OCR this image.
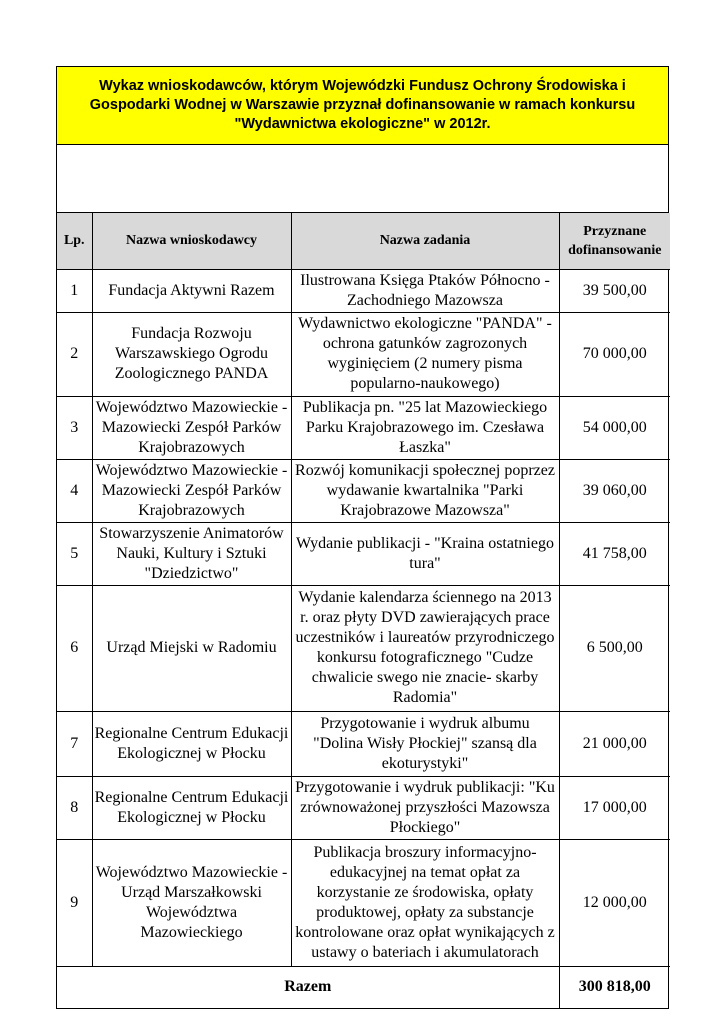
Wykaz wnioskodawców, którym Wojewódzki Fundusz Ochrony Środowiska i
Gospodarki Wodnej w Warszawie przyznał dofinansowanie w ramach konkursu
"Wydawnictwa ekologiczne" w 2012r.
Lp.	Nazwa wnioskodawcy	Nazwa zadania	Przyznane
dofinansowanie
1	Fundacja Aktywni Razem	Ilustrowana Księga Ptaków Północno - Zachodniego Mazowsza	39 500,00
2	Fundacja Rozwoju Warszawskiego Ogrodu Zoologicznego PANDA	Wydawnictwo ekologiczne "PANDA" - ochrona gatunków zagrozonych wyginięciem (2 numery pisma popularno-naukowego)	70 000,00
3	Województwo Mazowieckie - Mazowiecki Zespół Parków Krajobrazowych	Publikacja pn. "25 lat Mazowieckiego Parku Krajobrazowego im. Czesława Łaszka"	54 000,00
4	Województwo Mazowieckie - Mazowiecki Zespół Parków Krajobrazowych	Rozwój komunikacji społecznej poprzez wydawanie kwartalnika "Parki Krajobrazowe Mazowsza"	39 060,00
5	Stowarzyszenie Animatorów Nauki, Kultury i Sztuki "Dziedzictwo"	Wydanie publikacji - "Kraina ostatniego tura"	41 758,00
6	Urząd Miejski w Radomiu	Wydanie kalendarza ściennego na 2013 r. oraz płyty DVD zawierających prace uczestników i laureatów przyrodniczego konkursu fotograficznego "Cudze chwalicie swego nie znacie- skarby Radomia"	6 500,00
7	Regionalne Centrum Edukacji Ekologicznej w Płocku	Przygotowanie i wydruk albumu "Dolina Wisły Płockiej" szansą dla ekoturystyki"	21 000,00
8	Regionalne Centrum Edukacji Ekologicznej w Płocku	Przygotowanie i wydruk publikacji: "Ku zrównoważonej przyszłości Mazowsza Płockiego"	17 000,00
9	Województwo Mazowieckie - Urząd Marszałkowski Województwa Mazowieckiego	Publikacja broszury informacyjno-edukacyjnej na temat opłat za korzystanie ze środowiska, opłaty produktowej, opłaty za substancje kontrolowane oraz opłat wynikających z ustawy o bateriach i akumulatorach	12 000,00
Razem			300 818,00
